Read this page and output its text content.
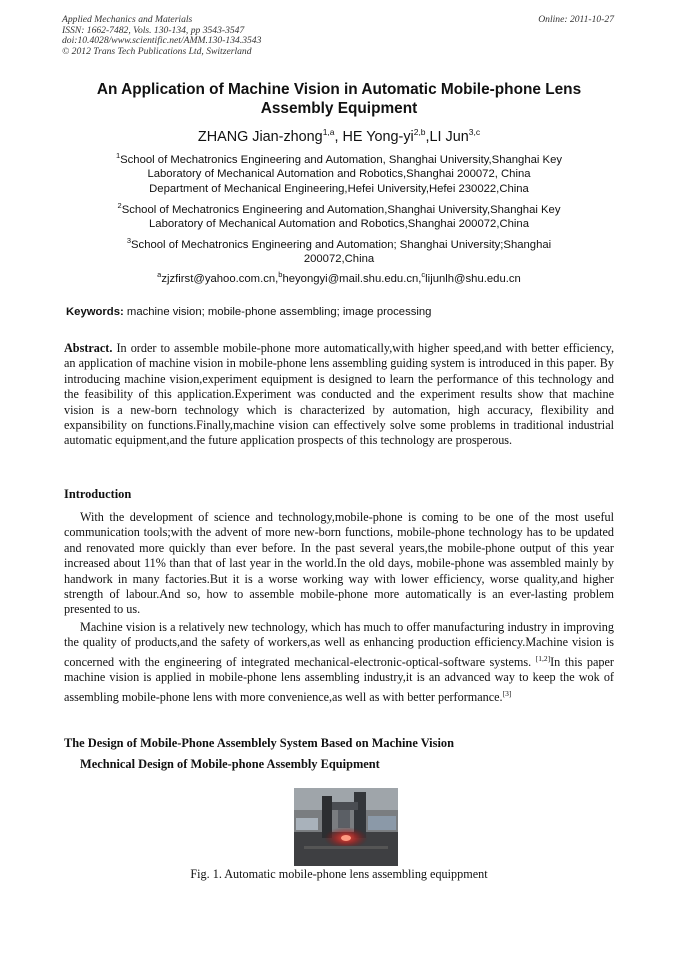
Applied Mechanics and Materials
ISSN: 1662-7482, Vols. 130-134, pp 3543-3547
doi:10.4028/www.scientific.net/AMM.130-134.3543
© 2012 Trans Tech Publications Ltd, Switzerland
Online: 2011-10-27
An Application of Machine Vision in Automatic Mobile-phone Lens Assembly Equipment
ZHANG Jian-zhong$^{1,a}$, HE Yong-yi$^{2,b}$,LI Jun$^{3,c}$
$^1$School of Mechatronics Engineering and Automation, Shanghai University,Shanghai Key
Laboratory of Mechanical Automation and Robotics,Shanghai 200072, China
Department of Mechanical Engineering,Hefei University,Hefei 230022,China
$^2$School of Mechatronics Engineering and Automation,Shanghai University,Shanghai Key
Laboratory of Mechanical Automation and Robotics,Shanghai 200072,China
$^3$School of Mechatronics Engineering and Automation; Shanghai University;Shanghai
200072,China
$^a$zjzfirst@yahoo.com.cn,$^b$heyongyi@mail.shu.edu.cn,$^c$lijunlh@shu.edu.cn
Keywords: machine vision; mobile-phone assembling; image processing

Abstract. In order to assemble mobile-phone more automatically,with higher speed,and with better efficiency, an application of machine vision in mobile-phone lens assembling guiding system is introduced in this paper. By introducing machine vision,experiment equipment is designed to learn the performance of this technology and the feasibility of this application.Experiment was conducted and the experiment results show that machine vision is a new-born technology which is characterized by automation, high accuracy, flexibility and expansibility on functions.Finally,machine vision can effectively solve some problems in traditional industrial automatic equipment,and the future application prospects of this technology are prosperous.

Introduction

With the development of science and technology,mobile-phone is coming to be one of the most useful communication tools;with the advent of more new-born functions, mobile-phone technology has to be updated and renovated more quickly than ever before. In the past several years,the mobile-phone output of this year increased about 11% than that of last year in the world.In the old days, mobile-phone was assembled mainly by handwork in many factories.But it is a worse working way with lower efficiency, worse quality,and higher strength of labour.And so, how to assemble mobile-phone more automatically is an ever-lasting problem presented to us.

Machine vision is a relatively new technology, which has much to offer manufacturing industry in improving the quality of products,and the safety of workers,as well as enhancing production efficiency.Machine vision is concerned with the engineering of integrated mechanical-electronic-optical-software systems. [1,2]In this paper machine vision is applied in mobile-phone lens assembling industry,it is an advanced way to keep the wok of assembling mobile-phone lens with more convenience,as well as with better performance.[3]

The Design of Mobile-Phone Assemblely System Based on Machine Vision
Mechnical Design of Mobile-phone Assembly Equipment
Fig. 1. Automatic mobile-phone lens assembling equippment
